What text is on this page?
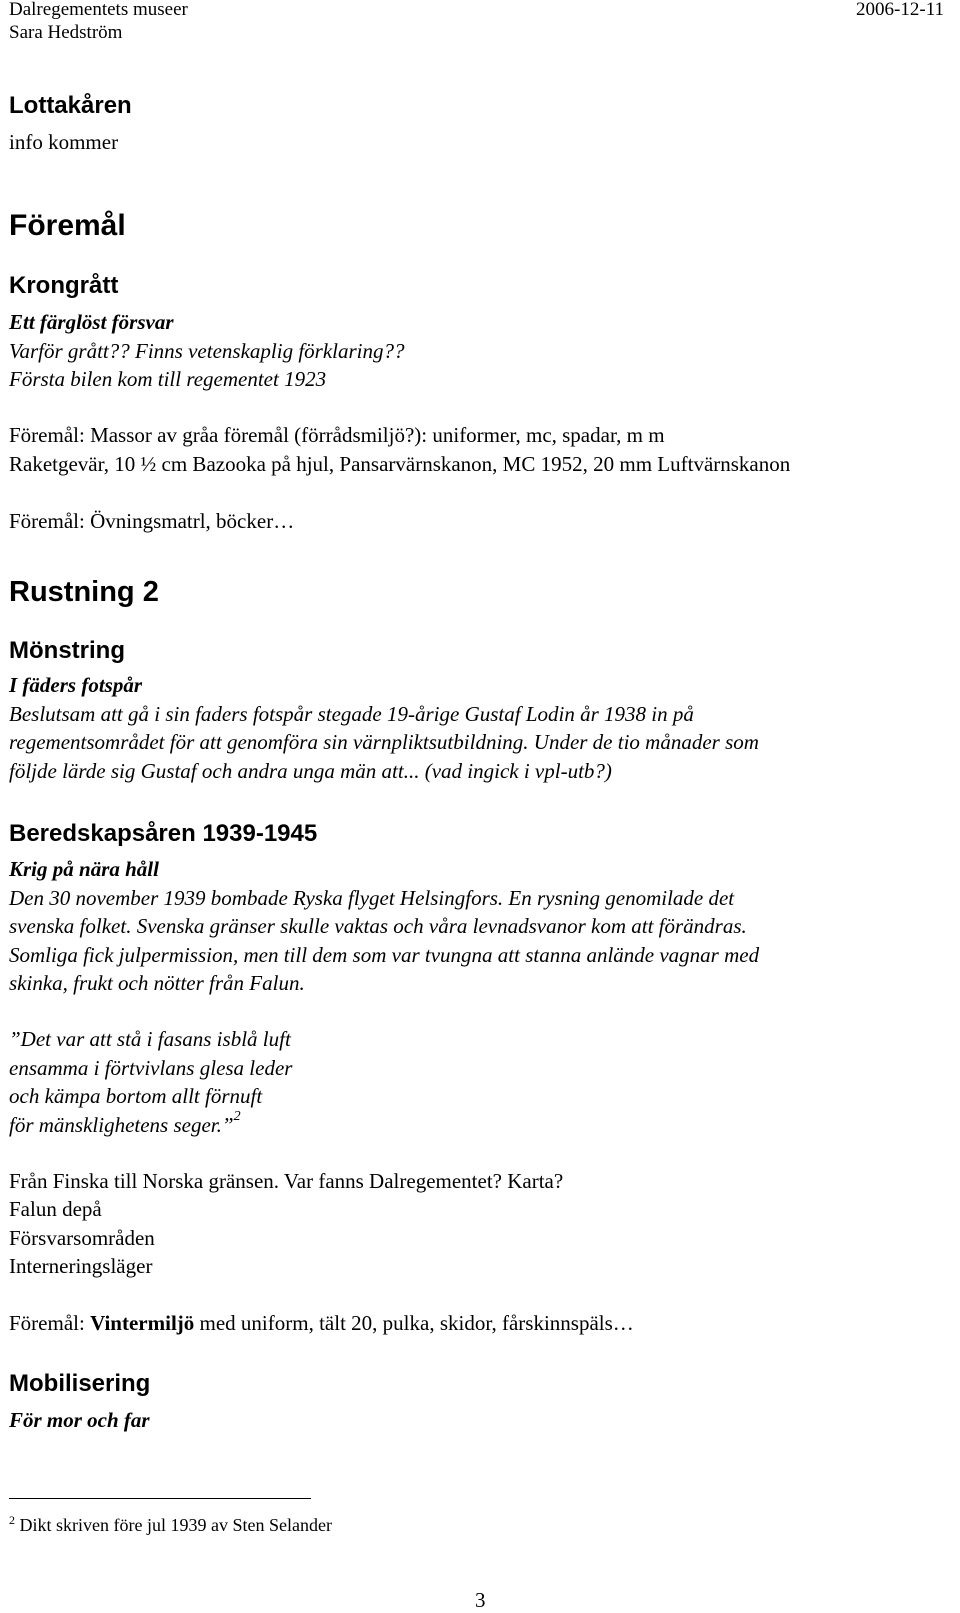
Dalregementets museer
Sara Hedström
2006-12-11
Lottakåren
info kommer
Föremål
Krongrått
Ett färglöst försvar
Varför grått?? Finns vetenskaplig förklaring??
Första bilen kom till regementet 1923
Föremål: Massor av gråa föremål (förrådsmiljö?): uniformer, mc, spadar, m m
Raketgevär, 10 ½ cm Bazooka på hjul, Pansarvärnskanon, MC 1952, 20 mm Luftvärnskanon
Föremål: Övningsmatrl, böcker…
Rustning 2
Mönstring
I fäders fotspår
Beslutsam att gå i sin faders fotspår stegade 19-årige Gustaf Lodin år 1938 in på
regementsområdet för att genomföra sin värnpliktsutbildning. Under de tio månader som
följde lärde sig Gustaf och andra unga män att... (vad ingick i vpl-utb?)
Beredskapsåren 1939-1945
Krig på nära håll
Den 30 november 1939 bombade Ryska flyget Helsingfors. En rysning genomilade det
svenska folket. Svenska gränser skulle vaktas och våra levnadsvanor kom att förändras.
Somliga fick julpermission, men till dem som var tvungna att stanna anlände vagnar med
skinka, frukt och nötter från Falun.
”Det var att stå i fasans isblå luft
ensamma i förtvivlans glesa leder
och kämpa bortom allt förnuft
för mänsklighetens seger.”$^2$
Från Finska till Norska gränsen. Var fanns Dalregementet? Karta?
Falun depå
Försvarsområden
Interneringsläger
Föremål: Vintermiljö med uniform, tält 20, pulka, skidor, fårskinnspäls…
Mobilisering
För mor och far
$^2$ Dikt skriven före jul 1939 av Sten Selander
3
